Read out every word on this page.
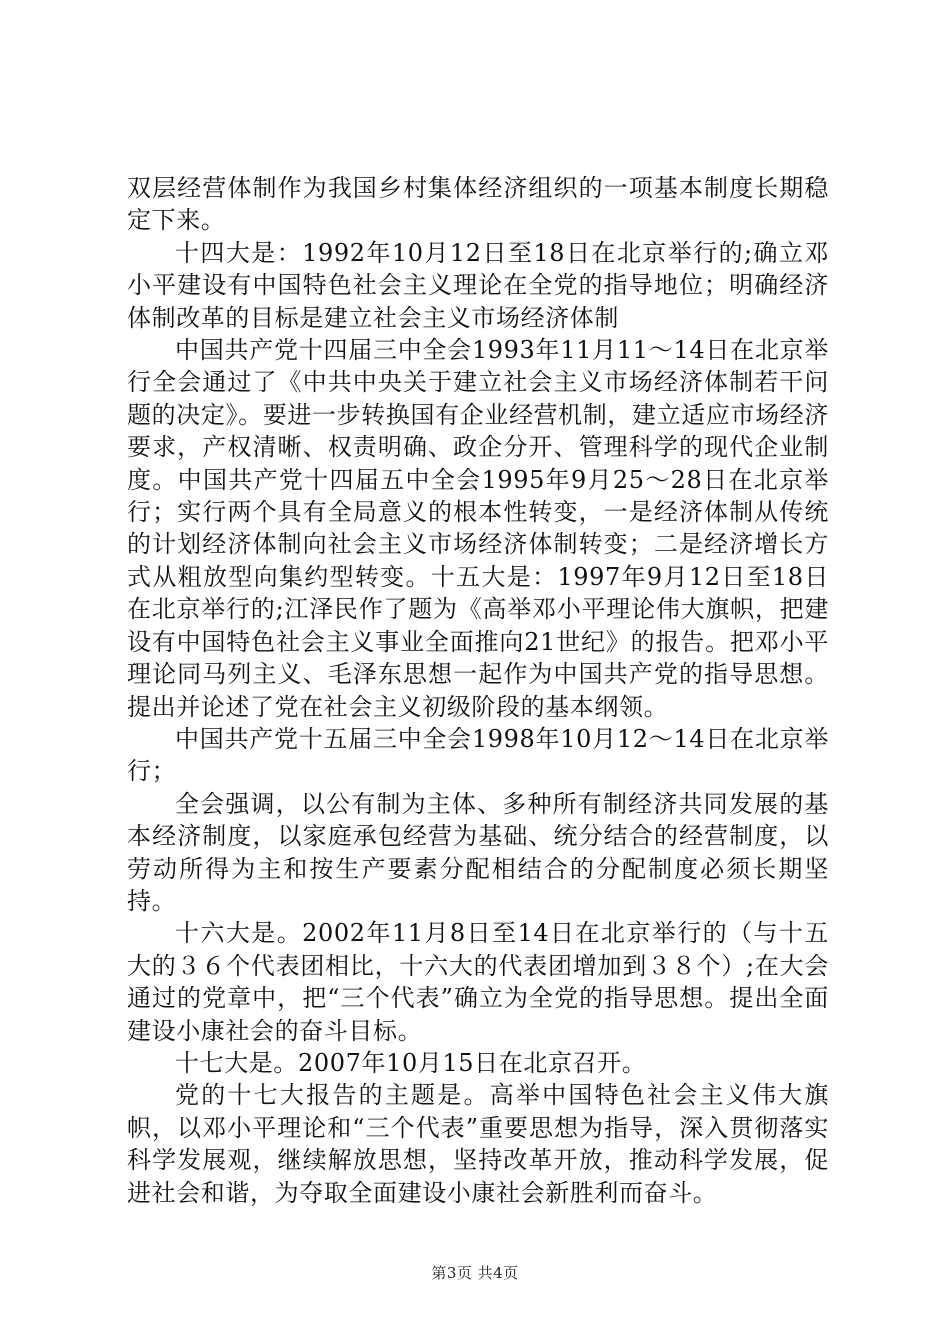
双层经营体制作为我国乡村集体经济组织的一项基本制度长期稳定下来。

十四大是：1992年10月12日至18日在北京举行的;确立邓小平建设有中国特色社会主义理论在全党的指导地位；明确经济体制改革的目标是建立社会主义市场经济体制

中国共产党十四届三中全会1993年11月11～14日在北京举行全会通过了《中共中央关于建立社会主义市场经济体制若干问题的决定》。要进一步转换国有企业经营机制，建立适应市场经济要求，产权清晰、权责明确、政企分开、管理科学的现代企业制度。中国共产党十四届五中全会1995年9月25～28日在北京举行；实行两个具有全局意义的根本性转变，一是经济体制从传统的计划经济体制向社会主义市场经济体制转变；二是经济增长方式从粗放型向集约型转变。十五大是：1997年9月12日至18日在北京举行的;江泽民作了题为《高举邓小平理论伟大旗帜，把建设有中国特色社会主义事业全面推向21世纪》的报告。把邓小平理论同马列主义、毛泽东思想一起作为中国共产党的指导思想。提出并论述了党在社会主义初级阶段的基本纲领。

中国共产党十五届三中全会1998年10月12～14日在北京举行；

全会强调，以公有制为主体、多种所有制经济共同发展的基本经济制度，以家庭承包经营为基础、统分结合的经营制度，以劳动所得为主和按生产要素分配相结合的分配制度必须长期坚持。

十六大是。2002年11月8日至14日在北京举行的（与十五大的３６个代表团相比，十六大的代表团增加到３８个）;在大会通过的党章中，把“三个代表”确立为全党的指导思想。提出全面建设小康社会的奋斗目标。

十七大是。2007年10月15日在北京召开。

党的十七大报告的主题是。高举中国特色社会主义伟大旗帜，以邓小平理论和“三个代表”重要思想为指导，深入贯彻落实科学发展观，继续解放思想，坚持改革开放，推动科学发展，促进社会和谐，为夺取全面建设小康社会新胜利而奋斗。

第3页 共4页
